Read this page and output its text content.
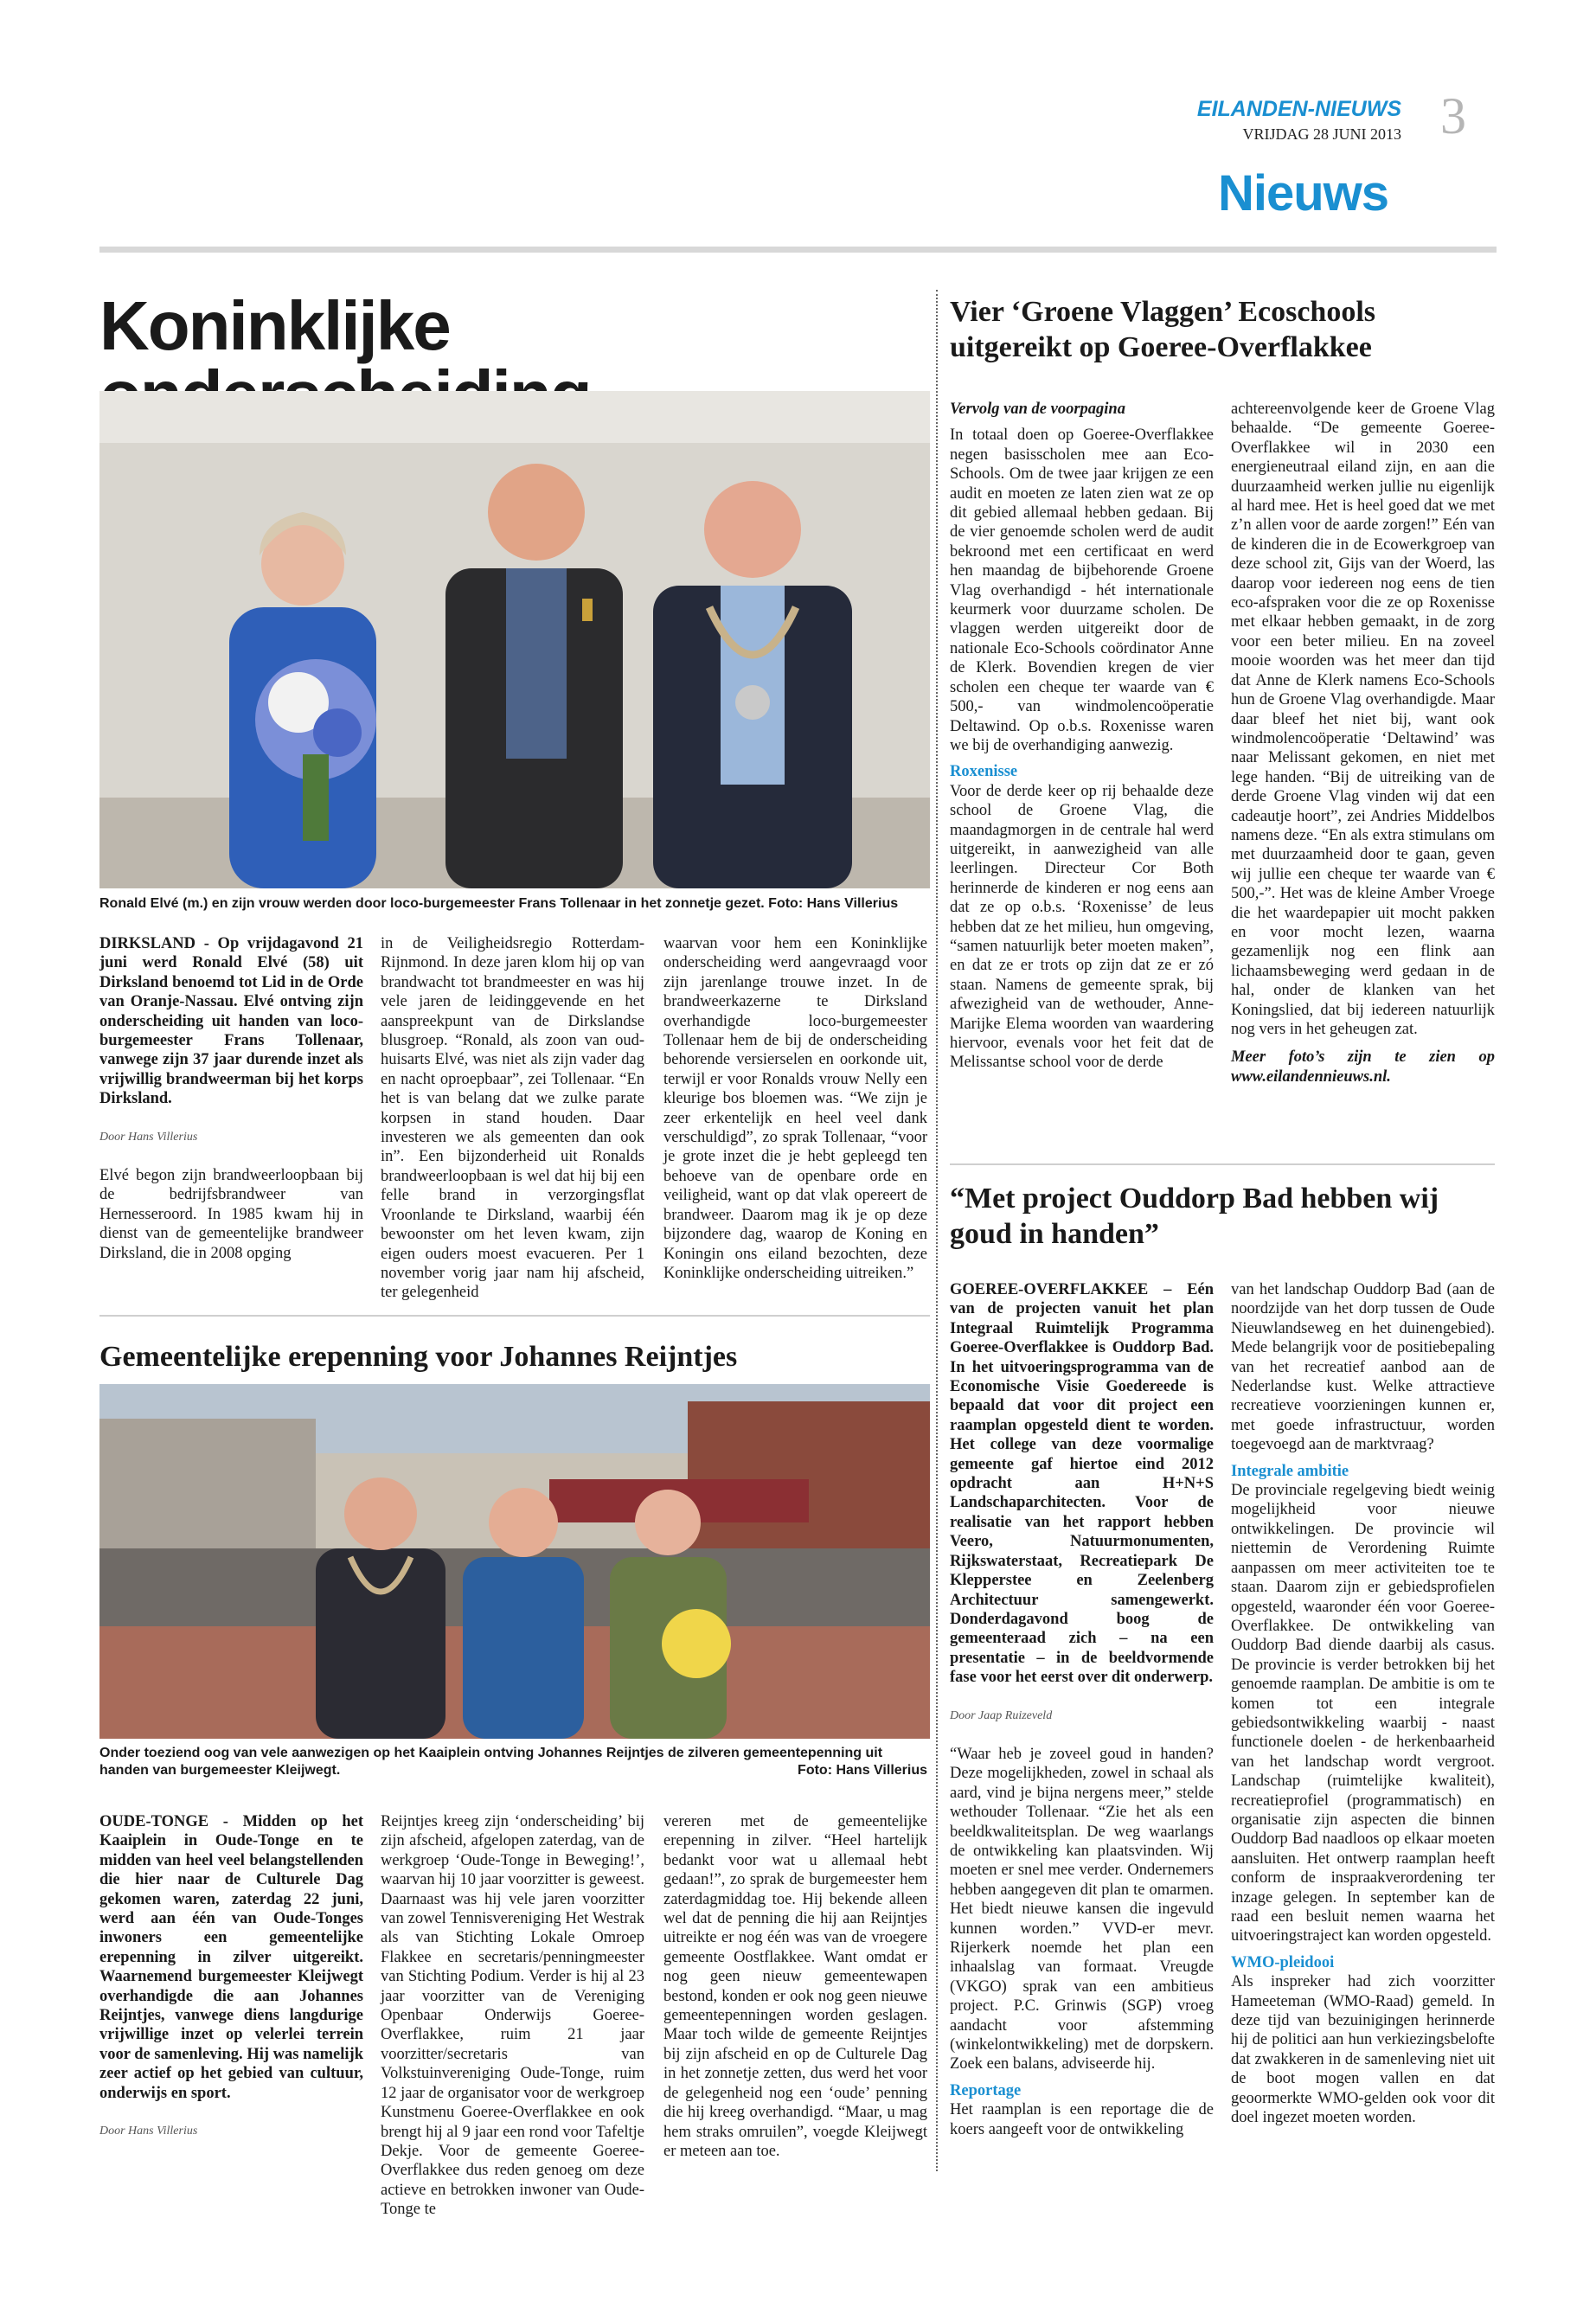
EILANDEN-NIEUWS
VRIJDAG 28 JUNI 2013 3
Nieuws
Koninklijke
Ronald Elvé (m.) en zijn vrouw werden door loco-burgemeester Frans Tollenaar in het zonnetje gezet. Foto: Hans Villerius

DIRKSLAND - Op vrijdagavond 21 juni werd Ronald Elvé (58) uit Dirksland benoemd tot Lid in de Orde van Oranje-Nassau. Elvé ontving zijn onderscheiding uit handen van loco-burgemeester Frans Tollenaar, vanwege zijn 37 jaar durende inzet als vrijwillig brandweerman bij het korps Dirksland.

Door Hans Villerius

Elvé begon zijn brandweerloopbaan bij de bedrijfsbrandweer van Hernesseroord. In 1985 kwam hij in dienst van de gemeentelijke brandweer Dirksland, die in 2008 opging

in de Veiligheidsregio Rotterdam-Rijnmond. In deze jaren klom hij op van brandwacht tot brandmeester en was hij vele jaren de leidinggevende en het aanspreekpunt van de Dirkslandse blusgroep. “Ronald, als zoon van oud-huisarts Elvé, was niet als zijn vader dag en nacht oproepbaar”, zei Tollenaar. “En het is van belang dat we zulke parate korpsen in stand houden. Daar investeren we als gemeenten dan ook in”. Een bijzonderheid uit Ronalds brandweerloopbaan is wel dat hij bij een felle brand in verzorgingsflat Vroonlande te Dirksland, waarbij één bewoonster om het leven kwam, zijn eigen ouders moest evacueren. Per 1 november vorig jaar nam hij afscheid, ter gelegenheid

waarvan voor hem een Koninklijke onderscheiding werd aangevraagd voor zijn jarenlange trouwe inzet. In de brandweerkazerne te Dirksland overhandigde loco-burgemeester Tollenaar hem de bij de onderscheiding behorende versierselen en oorkonde uit, terwijl er voor Ronalds vrouw Nelly een kleurige bos bloemen was. “We zijn je zeer erkentelijk en heel veel dank verschuldigd”, zo sprak Tollenaar, “voor je grote inzet die je hebt gepleegd ten behoeve van de openbare orde en veiligheid, want op dat vlak opereert de brandweer. Daarom mag ik je op deze bijzondere dag, waarop de Koning en Koningin ons eiland bezochten, deze Koninklijke onderscheiding uitreiken.”

Gemeentelijke erepenning voor Johannes Reijntjes
Onder toeziend oog van vele aanwezigen op het Kaaiplein ontving Johannes Reijntjes de zilveren gemeentepenning uit handen van burgemeester Kleijwegt.	Foto: Hans Villerius

OUDE-TONGE - Midden op het Kaaiplein in Oude-Tonge en te midden van heel veel belangstellenden die hier naar de Culturele Dag gekomen waren, zaterdag 22 juni, werd aan één van Oude-Tonges inwoners een gemeentelijke erepenning in zilver uitgereikt. Waarnemend burgemeester Kleijwegt overhandigde die aan Johannes Reijntjes, vanwege diens langdurige vrijwillige inzet op velerlei terrein voor de samenleving. Hij was namelijk zeer actief op het gebied van cultuur, onderwijs en sport.

Door Hans Villerius

Reijntjes kreeg zijn ‘onderscheiding’ bij zijn afscheid, afgelopen zaterdag, van de werkgroep ‘Oude-Tonge in Beweging!’, waarvan hij 10 jaar voorzitter is geweest. Daarnaast was hij vele jaren voorzitter van zowel Tennisvereniging Het Westrak als van Stichting Lokale Omroep Flakkee en secretaris/penningmeester van Stichting Podium. Verder is hij al 23 jaar voorzitter van de Vereniging Openbaar Onderwijs Goeree-Overflakkee, ruim 21 jaar voorzitter/secretaris van Volkstuinvereniging Oude-Tonge, ruim 12 jaar de organisator voor de werkgroep Kunstmenu Goeree-Overflakkee en ook brengt hij al 9 jaar een rond voor Tafeltje Dekje. Voor de gemeente Goeree-Overflakkee dus reden genoeg om deze actieve en betrokken inwoner van Oude-Tonge te

vereren met de gemeentelijke erepenning in zilver. “Heel hartelijk bedankt voor wat u allemaal hebt gedaan!”, zo sprak de burgemeester hem zaterdagmiddag toe. Hij bekende alleen wel dat de penning die hij aan Reijntjes uitreikte er nog één was van de vroegere gemeente Oostflakkee. Want omdat er nog geen nieuw gemeentewapen bestond, konden er ook nog geen nieuwe gemeentepenningen worden geslagen. Maar toch wilde de gemeente Reijntjes bij zijn afscheid en op de Culturele Dag in het zonnetje zetten, dus werd het voor de gelegenheid nog een ‘oude’ penning die hij kreeg overhandigd. “Maar, u mag hem straks omruilen”, voegde Kleijwegt er meteen aan toe.

Vier ‘Groene Vlaggen’ Ecoschools uitgereikt op Goeree-Overflakkee

Vervolg van de voorpagina

In totaal doen op Goeree-Overflakkee negen basisscholen mee aan Eco-Schools. Om de twee jaar krijgen ze een audit en moeten ze laten zien wat ze op dit gebied allemaal hebben gedaan. Bij de vier genoemde scholen werd de audit bekroond met een certificaat en werd hen maandag de bijbehorende Groene Vlag overhandigd - hét internationale keurmerk voor duurzame scholen. De vlaggen werden uitgereikt door de nationale Eco-Schools coördinator Anne de Klerk. Bovendien kregen de vier scholen een cheque ter waarde van € 500,- van windmolencoöperatie Deltawind. Op o.b.s. Roxenisse waren we bij de overhandiging aanwezig.

Roxenisse

Voor de derde keer op rij behaalde deze school de Groene Vlag, die maandagmorgen in de centrale hal werd uitgereikt, in aanwezigheid van alle leerlingen. Directeur Cor Both herinnerde de kinderen er nog eens aan dat ze op o.b.s. ‘Roxenisse’ de leus hebben dat ze het milieu, hun omgeving, “samen natuurlijk beter moeten maken”, en dat ze er trots op zijn dat ze er zó staan. Namens de gemeente sprak, bij afwezigheid van de wethouder, Anne-Marijke Elema woorden van waardering hiervoor, evenals voor het feit dat de Melissantse school voor de derde

achtereenvolgende keer de Groene Vlag behaalde. “De gemeente Goeree-Overflakkee wil in 2030 een energieneutraal eiland zijn, en aan die duurzaamheid werken jullie nu eigenlijk al hard mee. Het is heel goed dat we met z’n allen voor de aarde zorgen!” Eén van de kinderen die in de Ecowerkgroep van deze school zit, Gijs van der Woerd, las daarop voor iedereen nog eens de tien eco-afspraken voor die ze op Roxenisse met elkaar hebben gemaakt, in de zorg voor een beter milieu. En na zoveel mooie woorden was het meer dan tijd dat Anne de Klerk namens Eco-Schools hun de Groene Vlag overhandigde. Maar daar bleef het niet bij, want ook windmolencoöperatie ‘Deltawind’ was naar Melissant gekomen, en niet met lege handen. “Bij de uitreiking van de derde Groene Vlag vinden wij dat een cadeautje hoort”, zei Andries Middelbos namens deze. “En als extra stimulans om met duurzaamheid door te gaan, geven wij jullie een cheque ter waarde van € 500,-”. Het was de kleine Amber Vroege die het waardepapier uit mocht pakken en voor mocht lezen, waarna gezamenlijk nog een flink aan lichaamsbeweging werd gedaan in de hal, onder de klanken van het Koningslied, dat bij iedereen natuurlijk nog vers in het geheugen zat.

Meer foto’s zijn te zien op www.eilandennieuws.nl.

“Met project Ouddorp Bad hebben wij goud in handen”

GOEREE-OVERFLAKKEE – Eén van de projecten vanuit het plan Integraal Ruimtelijk Programma Goeree-Overflakkee is Ouddorp Bad. In het uitvoeringsprogramma van de Economische Visie Goedereede is bepaald dat voor dit project een raamplan opgesteld dient te worden. Het college van deze voormalige gemeente gaf hiertoe eind 2012 opdracht aan H+N+S Landschaparchitecten. Voor de realisatie van het rapport hebben Veero, Natuurmonumenten, Rijkswaterstaat, Recreatiepark De Klepperstee en Zeelenberg Architectuur samengewerkt. Donderdagavond boog de gemeenteraad zich – na een presentatie – in de beeldvormende fase voor het eerst over dit onderwerp.

Door Jaap Ruizeveld

“Waar heb je zoveel goud in handen? Deze mogelijkheden, zowel in schaal als aard, vind je bijna nergens meer,” stelde wethouder Tollenaar. “Zie het als een beeldkwaliteitsplan. De weg waarlangs de ontwikkeling kan plaatsvinden. Wij moeten er snel mee verder. Ondernemers hebben aangegeven dit plan te omarmen. Het biedt nieuwe kansen die ingevuld kunnen worden.” VVD-er mevr. Rijerkerk noemde het plan een inhaalslag van formaat. Vreugde (VKGO) sprak van een ambitieus project. P.C. Grinwis (SGP) vroeg aandacht voor afstemming (winkelontwikkeling) met de dorpskern. Zoek een balans, adviseerde hij.

Reportage

Het raamplan is een reportage die de koers aangeeft voor de ontwikkeling

van het landschap Ouddorp Bad (aan de noordzijde van het dorp tussen de Oude Nieuwlandseweg en het duinengebied). Mede belangrijk voor de positiebepaling van het recreatief aanbod aan de Nederlandse kust. Welke attractieve recreatieve voorzieningen kunnen er, met goede infrastructuur, worden toegevoegd aan de marktvraag?

Integrale ambitie

De provinciale regelgeving biedt weinig mogelijkheid voor nieuwe ontwikkelingen. De provincie wil niettemin de Verordening Ruimte aanpassen om meer activiteiten toe te staan. Daarom zijn er gebiedsprofielen opgesteld, waaronder één voor Goeree-Overflakkee. De ontwikkeling van Ouddorp Bad diende daarbij als casus. De provincie is verder betrokken bij het genoemde raamplan. De ambitie is om te komen tot een integrale gebiedsontwikkeling waarbij - naast functionele doelen - de herkenbaarheid van het landschap wordt vergroot. Landschap (ruimtelijke kwaliteit), recreatieprofiel (programmatisch) en organisatie zijn aspecten die binnen Ouddorp Bad naadloos op elkaar moeten aansluiten. Het ontwerp raamplan heeft conform de inspraakverordening ter inzage gelegen. In september kan de raad een besluit nemen waarna het uitvoeringstraject kan worden opgesteld.

WMO-pleidooi

Als inspreker had zich voorzitter Hameeteman (WMO-Raad) gemeld. In deze tijd van bezuinigingen herinnerde hij de politici aan hun verkiezingsbelofte dat zwakkeren in de samenleving niet uit de boot mogen vallen en dat geoormerkte WMO-gelden ook voor dit doel ingezet moeten worden.
